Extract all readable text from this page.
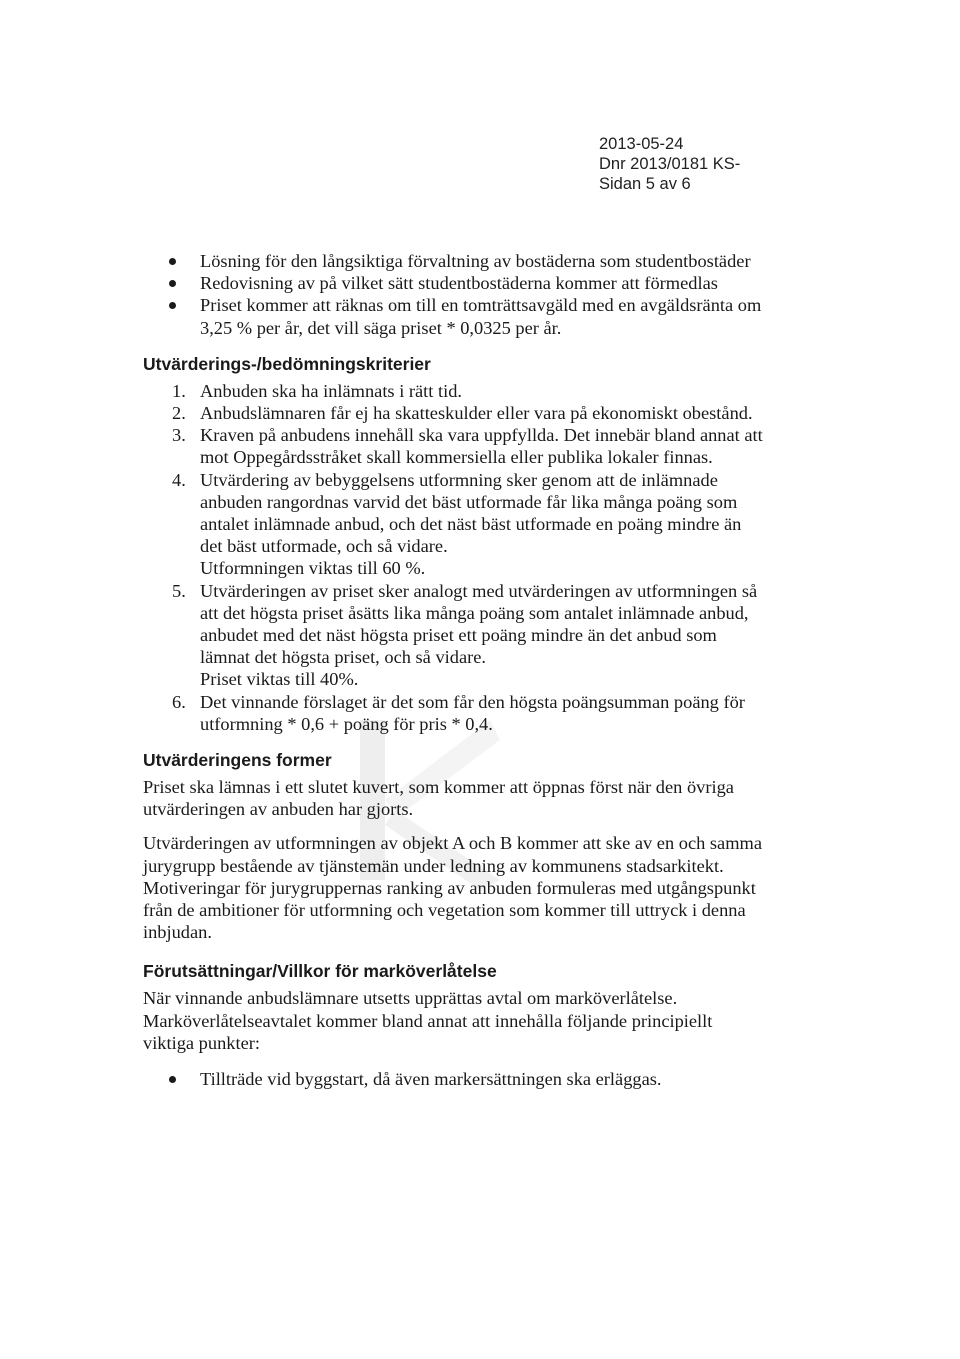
2013-05-24
Dnr 2013/0181 KS-
Sidan 5 av 6
Lösning för den långsiktiga förvaltning av bostäderna som studentbostäder
Redovisning av på vilket sätt studentbostäderna kommer att förmedlas
Priset kommer att räknas om till en tomträttsavgäld med en avgäldsränta om 3,25 % per år, det vill säga priset * 0,0325 per år.
Utvärderings-/bedömningskriterier
1. Anbuden ska ha inlämnats i rätt tid.
2. Anbudslämnaren får ej ha skatteskulder eller vara på ekonomiskt obestånd.
3. Kraven på anbudens innehåll ska vara uppfyllda. Det innebär bland annat att mot Oppegårdsstråket skall kommersiella eller publika lokaler finnas.
4. Utvärdering av bebyggelsens utformning sker genom att de inlämnade anbuden rangordnas varvid det bäst utformade får lika många poäng som antalet inlämnade anbud, och det näst bäst utformade en poäng mindre än det bäst utformade, och så vidare.
Utformningen viktas till 60 %.
5. Utvärderingen av priset sker analogt med utvärderingen av utformningen så att det högsta priset åsätts lika många poäng som antalet inlämnade anbud, anbudet med det näst högsta priset ett poäng mindre än det anbud som lämnat det högsta priset, och så vidare.
Priset viktas till 40%.
6. Det vinnande förslaget är det som får den högsta poängsumman poäng för utformning * 0,6 + poäng för pris * 0,4.
Utvärderingens former

Priset ska lämnas i ett slutet kuvert, som kommer att öppnas först när den övriga utvärderingen av anbuden har gjorts.

Utvärderingen av utformningen av objekt A och B kommer att ske av en och samma jurygrupp bestående av tjänstemän under ledning av kommunens stadsarkitekt. Motiveringar för jurygruppernas ranking av anbuden formuleras med utgångspunkt från de ambitioner för utformning och vegetation som kommer till uttryck i denna inbjudan.

Förutsättningar/Villkor för marköverlåtelse

När vinnande anbudslämnare utsetts upprättas avtal om marköverlåtelse. Marköverlåtelseavtalet kommer bland annat att innehålla följande principiellt viktiga punkter:

Tillträde vid byggstart, då även markersättningen ska erläggas.
